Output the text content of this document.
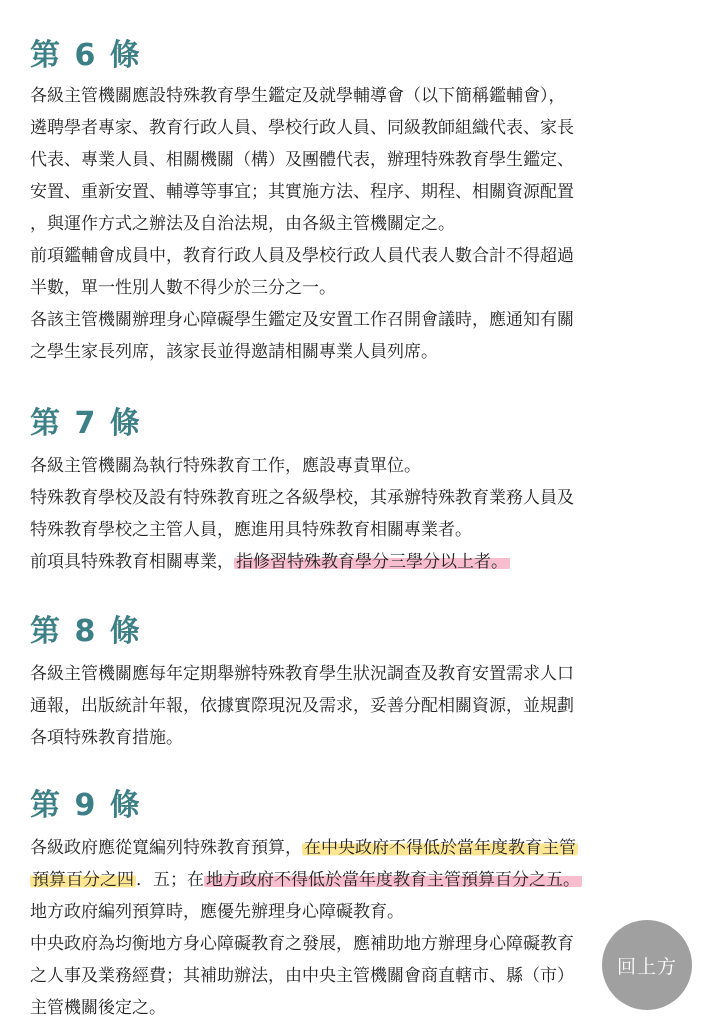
第 6 條
各級主管機關應設特殊教育學生鑑定及就學輔導會（以下簡稱鑑輔會），
遴聘學者專家、教育行政人員、學校行政人員、同級教師組織代表、家長
代表、專業人員、相關機關（構）及團體代表，辦理特殊教育學生鑑定、
安置、重新安置、輔導等事宜；其實施方法、程序、期程、相關資源配置
，與運作方式之辦法及自治法規，由各級主管機關定之。
前項鑑輔會成員中，教育行政人員及學校行政人員代表人數合計不得超過
半數，單一性別人數不得少於三分之一。
各該主管機關辦理身心障礙學生鑑定及安置工作召開會議時，應通知有關
之學生家長列席，該家長並得邀請相關專業人員列席。
第 7 條
各級主管機關為執行特殊教育工作，應設專責單位。
特殊教育學校及設有特殊教育班之各級學校，其承辦特殊教育業務人員及
特殊教育學校之主管人員，應進用具特殊教育相關專業者。
前項具特殊教育相關專業， 指修習特殊教育學分三學分以上者。
第 8 條
各級主管機關應每年定期舉辦特殊教育學生狀況調查及教育安置需求人口
通報，出版統計年報，依據實際現況及需求，妥善分配相關資源，並規劃
各項特殊教育措施。
第 9 條
各級政府應從寬編列特殊教育預算， 在中央政府不得低於當年度教育主管
預算百分之四 ．五；在 地方政府不得低於當年度教育主管預算百分之五。
地方政府編列預算時，應優先辦理身心障礙教育。
中央政府為均衡地方身心障礙教育之發展，應補助地方辦理身心障礙教育
之人事及業務經費；其補助辦法，由中央主管機關會商直轄市、縣（市）
主管機關後定之。
回上方
